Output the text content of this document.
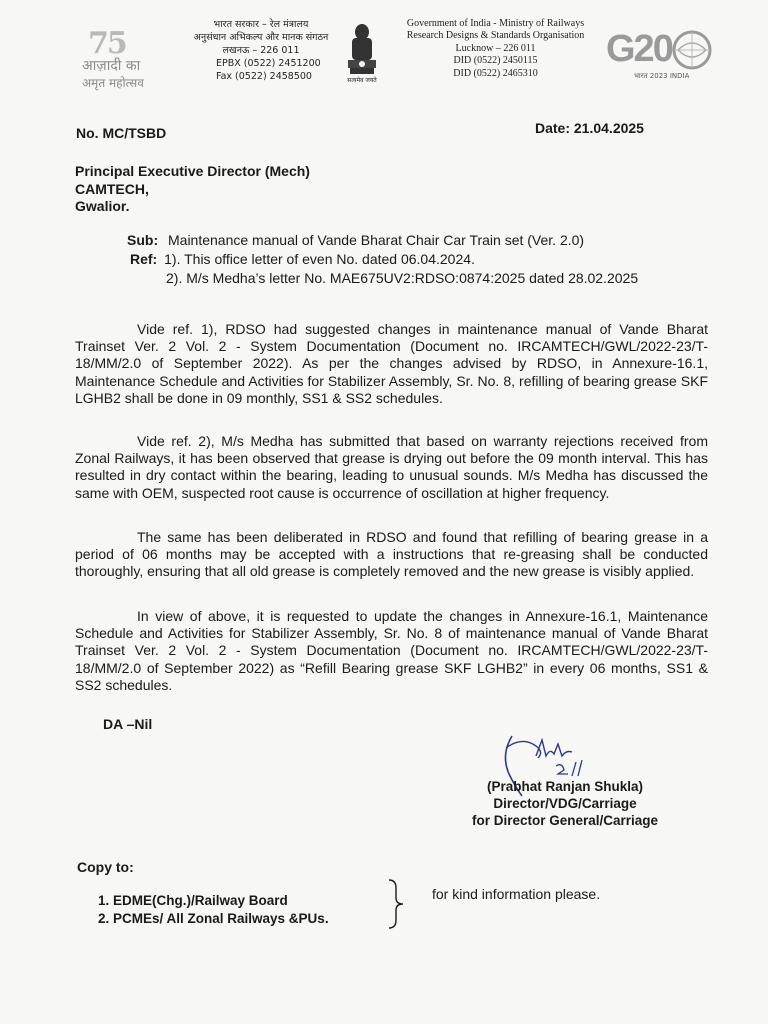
75
आज़ादी का
अमृत महोत्सव
भारत सरकार – रेल मंत्रालय
अनुसंधान अभिकल्प और मानक संगठन
लखनऊ – 226 011
EPBX (0522) 2451200
Fax (0522) 2458500	सत्यमेव जयते
Government of India - Ministry of Railways
Research Designs & Standards Organisation
Lucknow – 226 011
DID (0522) 2450115
DID (0522) 2465310
G20
भारत 2023 INDIA
No. MC/TSBD	Date: 21.04.2025
Principal Executive Director (Mech)
CAMTECH,
Gwalior.
Sub: Maintenance manual of Vande Bharat Chair Car Train set (Ver. 2.0)
Ref: 1). This office letter of even No. dated 06.04.2024.
2). M/s Medha’s letter No. MAE675UV2:RDSO:0874:2025 dated 28.02.2025
Vide ref. 1), RDSO had suggested changes in maintenance manual of Vande Bharat Trainset Ver. 2 Vol. 2 - System Documentation (Document no. IRCAMTECH/GWL/2022-23/T-18/MM/2.0 of September 2022). As per the changes advised by RDSO, in Annexure-16.1, Maintenance Schedule and Activities for Stabilizer Assembly, Sr. No. 8, refilling of bearing grease SKF LGHB2 shall be done in 09 monthly, SS1 & SS2 schedules.
Vide ref. 2), M/s Medha has submitted that based on warranty rejections received from Zonal Railways, it has been observed that grease is drying out before the 09 month interval. This has resulted in dry contact within the bearing, leading to unusual sounds. M/s Medha has discussed the same with OEM, suspected root cause is occurrence of oscillation at higher frequency.
The same has been deliberated in RDSO and found that refilling of bearing grease in a period of 06 months may be accepted with a instructions that re-greasing shall be conducted thoroughly, ensuring that all old grease is completely removed and the new grease is visibly applied.
In view of above, it is requested to update the changes in Annexure-16.1, Maintenance Schedule and Activities for Stabilizer Assembly, Sr. No. 8 of maintenance manual of Vande Bharat Trainset Ver. 2 Vol. 2 - System Documentation (Document no. IRCAMTECH/GWL/2022-23/T-18/MM/2.0 of September 2022) as “Refill Bearing grease SKF LGHB2” in every 06 months, SS1 & SS2 schedules.
DA –Nil
(Prabhat Ranjan Shukla)
Director/VDG/Carriage
for Director General/Carriage
Copy to:
1. EDME(Chg.)/Railway Board
2. PCMEs/ All Zonal Railways &PUs.
for kind information please.
